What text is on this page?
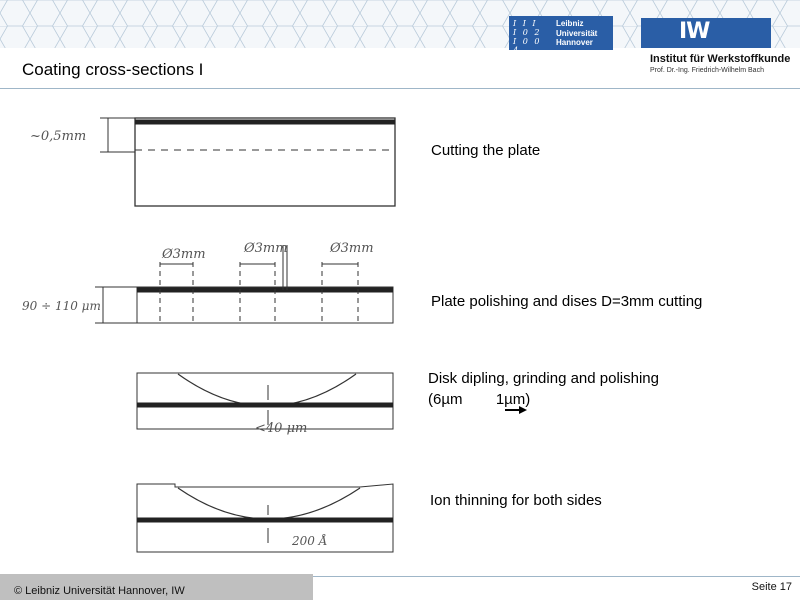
I I I
I 0 2
I 0 0 4
Leibniz
Universität
Hannover	IW
Institut für Werkstoffkunde
Prof. Dr.-Ing. Friedrich-Wilhelm Bach
Coating cross-sections I
~0,5mm
Ø3mm	Ø3mm	Ø3mm
90 ÷ 110 μm
<40 μm
200 Å
Cutting the plate
Plate polishing and dises D=3mm cutting
Disk dipling, grinding and polishing
(6µm        1µm)
Ion thinning for both sides
© Leibniz Universität Hannover, IW	Seite 17
